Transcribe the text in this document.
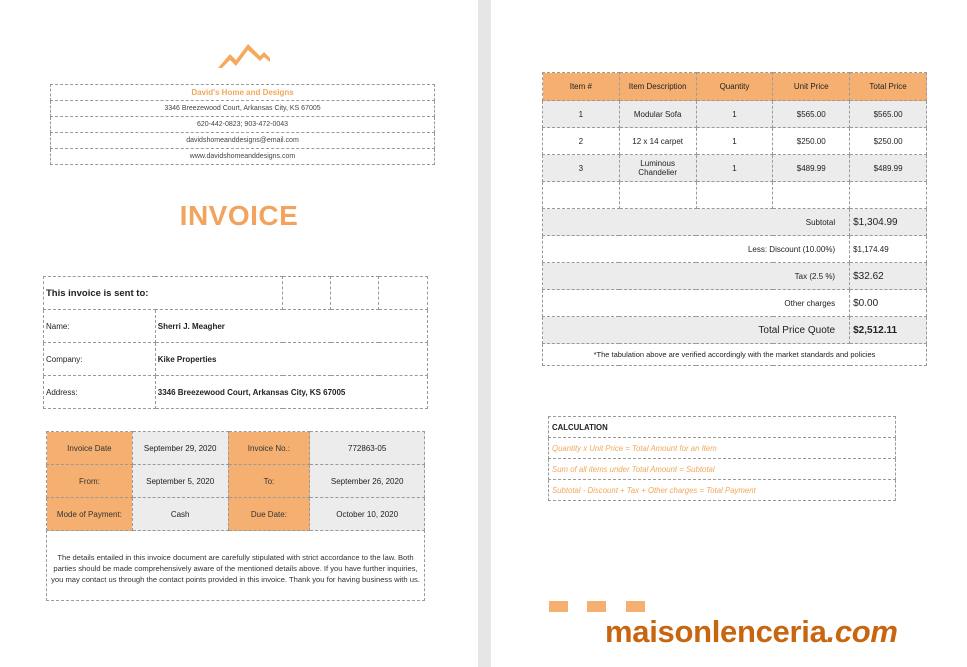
David's Home and Designs
3346 Breezewood Court, Arkansas City, KS 67005
620-442-0823; 903-472-0043
davidshomeanddesigns@email.com
www.davidshomeanddesigns.com
INVOICE
This invoice is sent to:				
Name:	Sherri J. Meagher			
Company:	Kike Properties			
Address:	3346 Breezewood Court, Arkansas City, KS 67005			
Invoice Date	September 29, 2020	Invoice No.:	772863-05
From:	September 5, 2020	To:	September 26, 2020
Mode of Payment:	Cash	Due Date:	October 10, 2020
The details entailed in this invoice document are carefully stipulated with strict accordance to the law. Both parties should be made comprehensively aware of the mentioned details above. If you have further inquiries, you may contact us through the contact points provided in this invoice. Thank you for having business with us.
Item #	Item Description	Quantity	Unit Price	Total Price
1	Modular Sofa	1	$565.00	$565.00
2	12 x 14 carpet	1	$250.00	$250.00
3	Luminous Chandelier	1	$489.99	$489.99

Subtotal				$1,304.99
Less: Discount (10.00%)				$1,174.49
Tax (2.5 %)				$32.62
Other charges				$0.00
Total Price Quote				$2,512.11
*The tabulation above are verified accordingly with the market standards and policies				
CALCULATION
Quantity x Unit Price = Total Amount for an Item
Sum of all items under Total Amount = Subtotal
Subtotal - Discount + Tax + Other charges = Total Payment
maisonlenceria.com
